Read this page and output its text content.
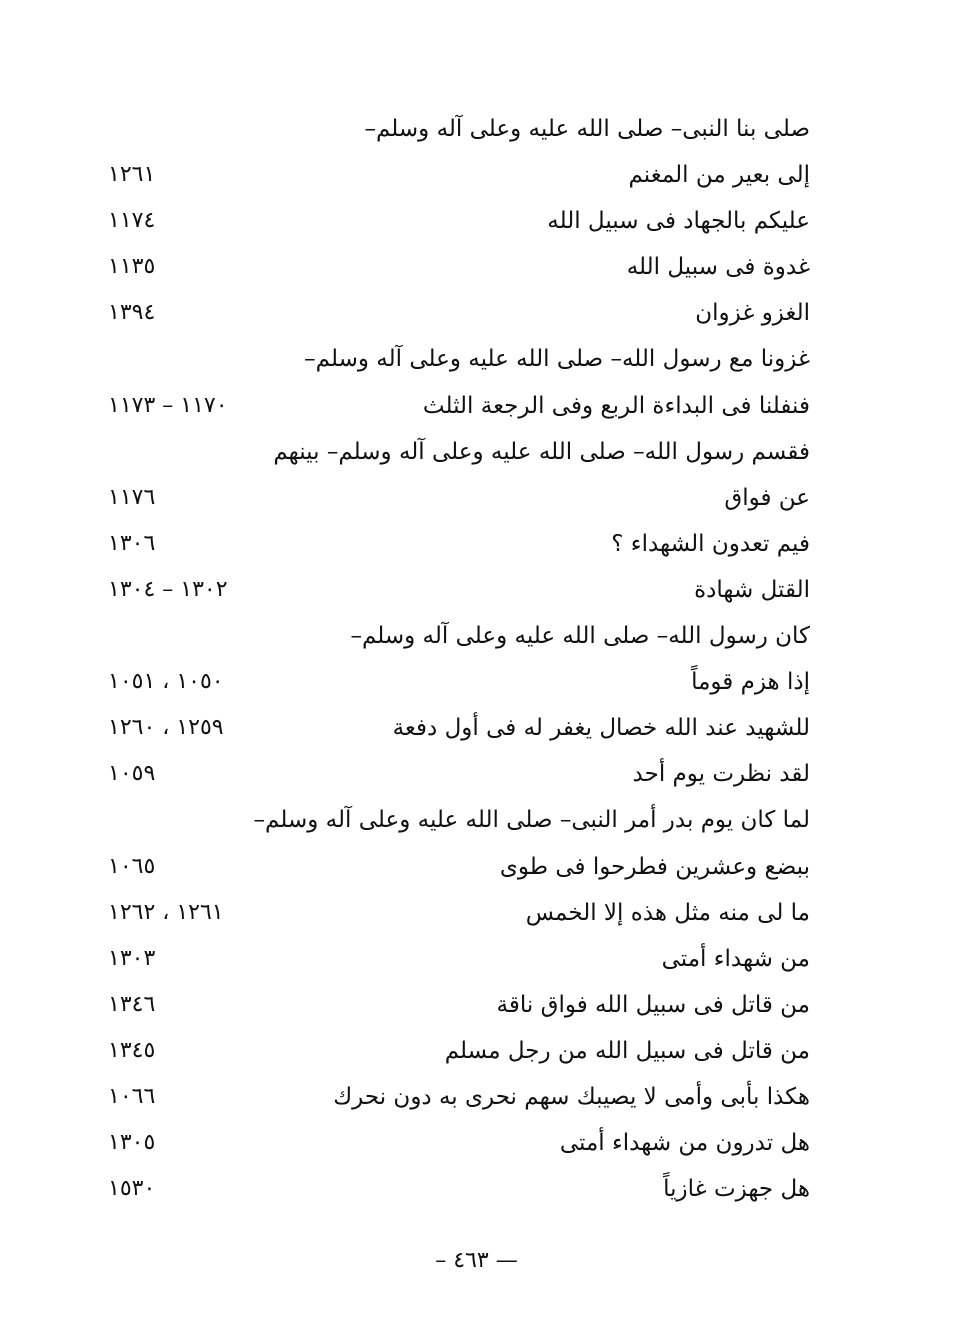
صلى بنا النبى– صلى الله عليه وعلى آله وسلم–
إلى بعير من المغنم
١٢٦١
عليكم بالجهاد فى سبيل الله
١١٧٤
غدوة فى سبيل الله
١١٣٥
الغزو غزوان
١٣٩٤
غزونا مع رسول الله– صلى الله عليه وعلى آله وسلم–
فنفلنا فى البداءة الربع وفى الرجعة الثلث
١١٧٠ – ١١٧٣
فقسم رسول الله– صلى الله عليه وعلى آله وسلم– بينهم
عن فواق
١١٧٦
فيم تعدون الشهداء ؟
١٣٠٦
القتل شهادة
١٣٠٢ – ١٣٠٤
كان رسول الله– صلى الله عليه وعلى آله وسلم–
إذا هزم قوماً
١٠٥٠ ، ١٠٥١
للشهيد عند الله خصال يغفر له فى أول دفعة
١٢٥٩ ، ١٢٦٠
لقد نظرت يوم أحد
١٠٥٩
لما كان يوم بدر أمر النبى– صلى الله عليه وعلى آله وسلم–
ببضع وعشرين فطرحوا فى طوى
١٠٦٥
ما لى منه مثل هذه إلا الخمس
١٢٦١ ، ١٢٦٢
من شهداء أمتى
١٣٠٣
من قاتل فى سبيل الله فواق ناقة
١٣٤٦
من قاتل فى سبيل الله من رجل مسلم
١٣٤٥
هكذا بأبى وأمى لا يصيبك سهم نحرى به دون نحرك
١٠٦٦
هل تدرون من شهداء أمتى
١٣٠٥
هل جهزت غازياً
١٥٣٠
— ٤٦٣ –
